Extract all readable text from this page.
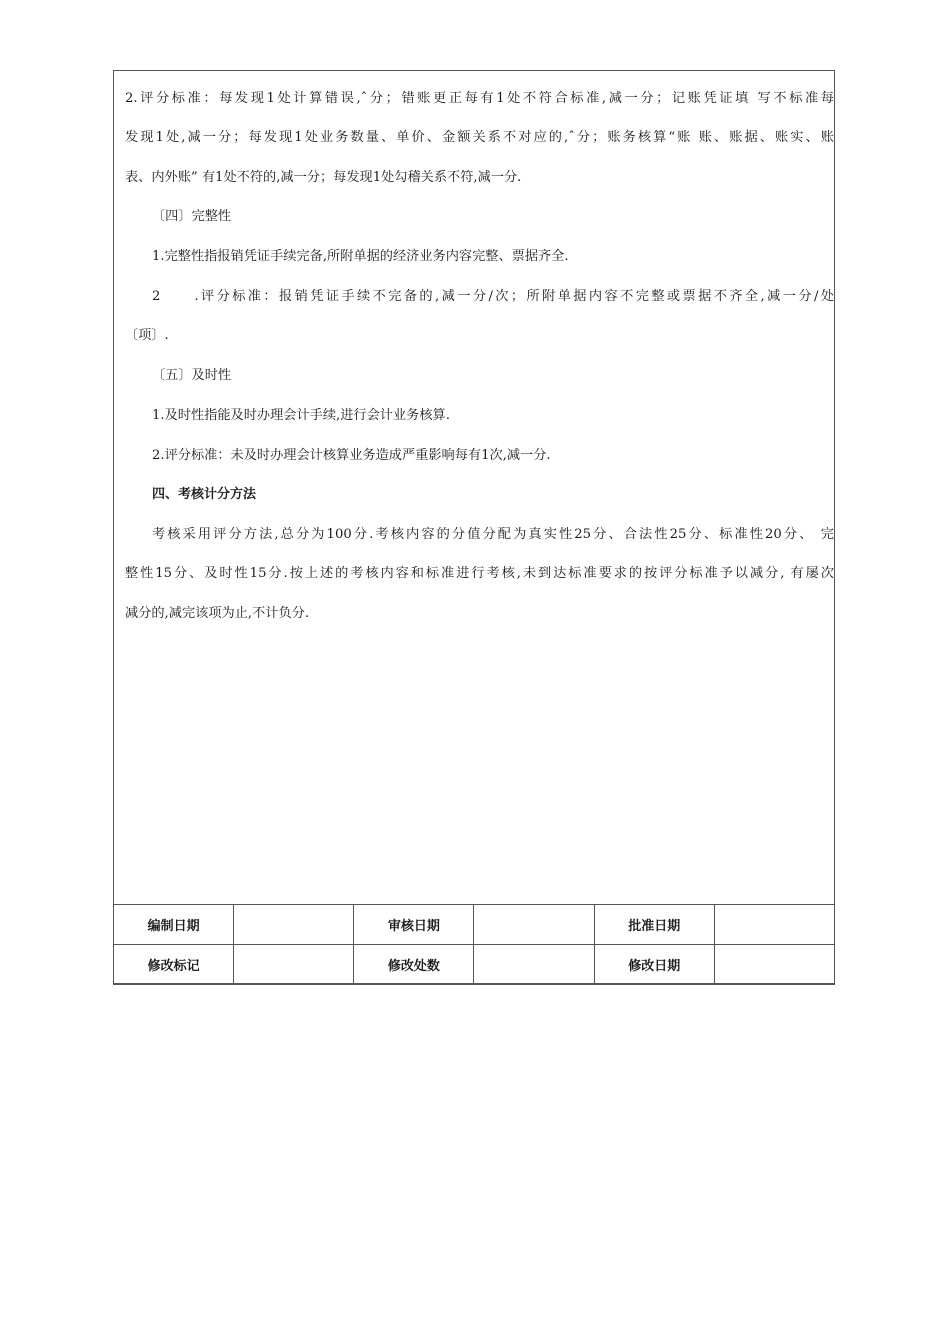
2.评分标准：每发现1处计算错误,ˆ分；错账更正每有1处不符合标准,减一分；记账凭证填 写不标准每
发现1处,减一分；每发现1处业务数量、单价、金额关系不对应的,ˆ分；账务核算“账 账、账据、账实、账
表、内外账” 有1处不符的,减一分；每发现1处勾稽关系不符,减一分.
〔四〕完整性
1.完整性指报销凭证手续完备,所附单据的经济业务内容完整、票据齐全.
2	.评分标准：报销凭证手续不完备的,减一分/次；所附单据内容不完整或票据不齐全,减一分/处
〔项〕.
〔五〕及时性
1.及时性指能及时办理会计手续,进行会计业务核算.
2.评分标准：未及时办理会计核算业务造成严重影响每有1次,减一分.
四、考核计分方法
考核采用评分方法,总分为100分.考核内容的分值分配为真实性25分、合法性25分、标准性20分、 完
整性15分、及时性15分.按上述的考核内容和标准进行考核,未到达标准要求的按评分标准予以减分, 有屡次
减分的,减完该项为止,不计负分.
编制日期		审核日期		批准日期	
修改标记		修改处数		修改日期	
